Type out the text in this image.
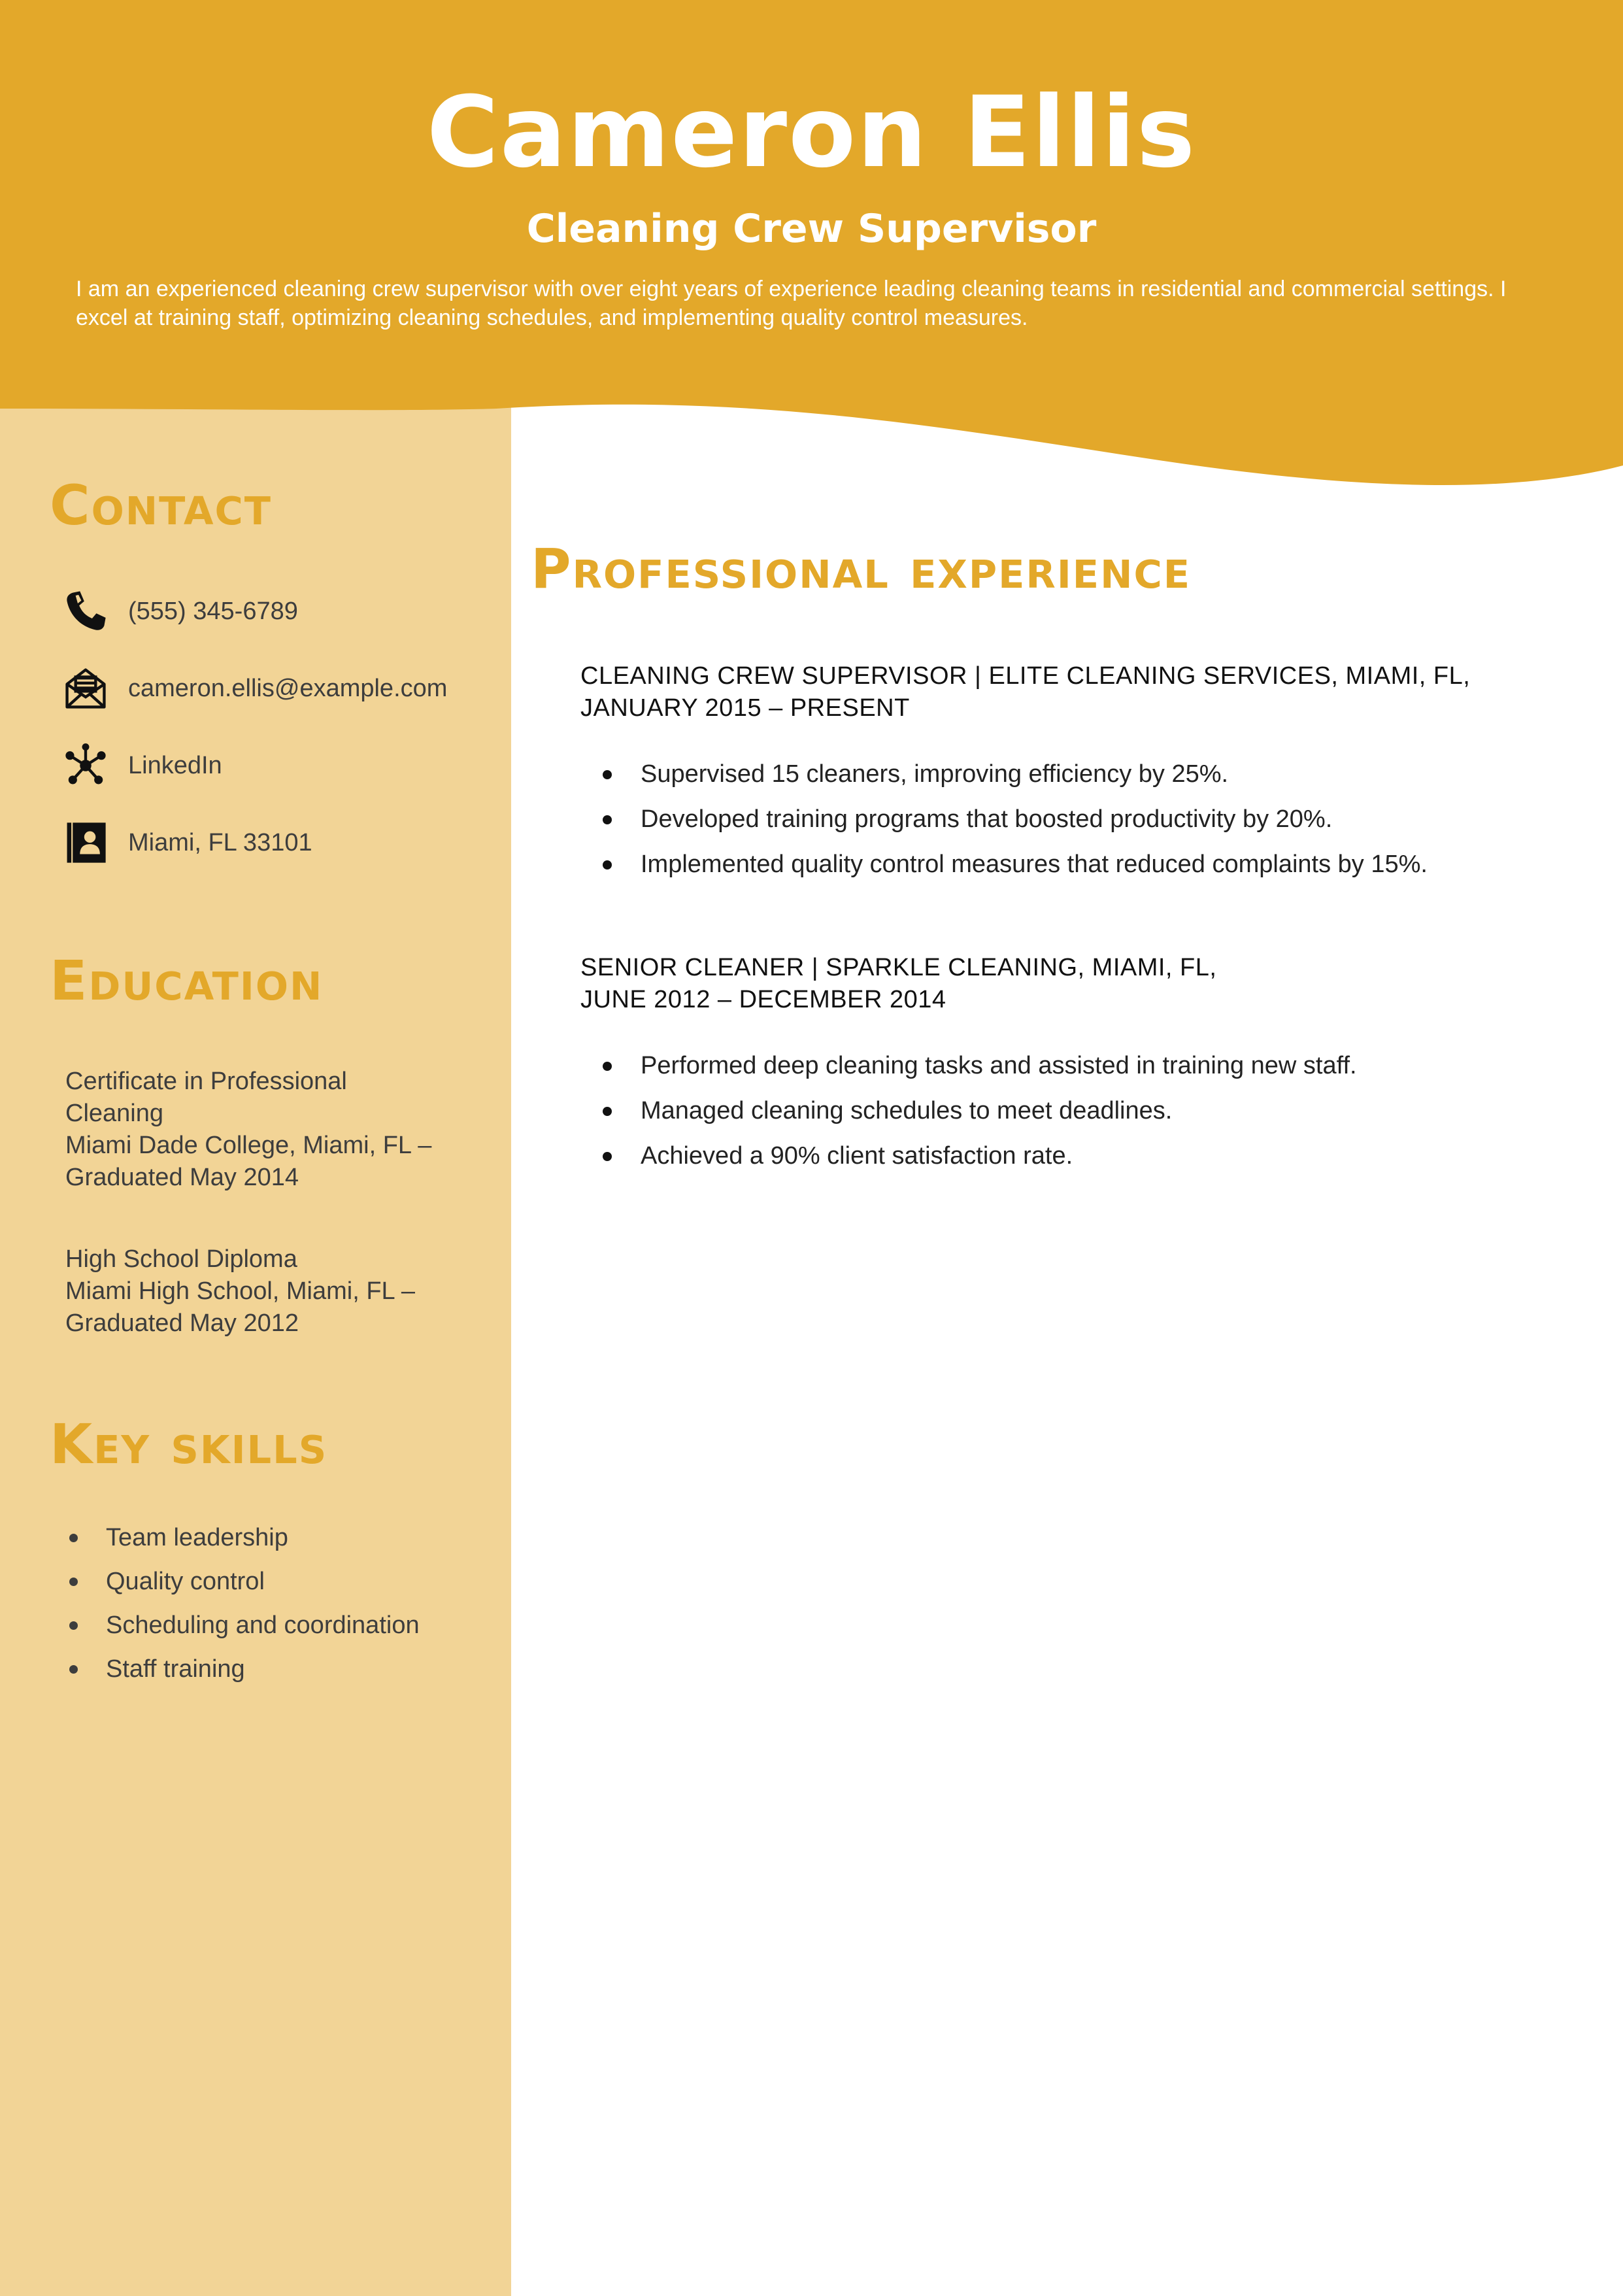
Cameron Ellis
Cleaning Crew Supervisor
I am an experienced cleaning crew supervisor with over eight years of experience leading cleaning teams in residential and commercial settings. I excel at training staff, optimizing cleaning schedules, and implementing quality control measures.
Contact
(555) 345-6789
cameron.ellis@example.com
LinkedIn
Miami, FL 33101
Education
Certificate in Professional
Cleaning
Miami Dade College, Miami, FL –
Graduated May 2014
High School Diploma
Miami High School, Miami, FL –
Graduated May 2012
Key skills
Team leadership
Quality control
Scheduling and coordination
Staff training
Professional experience
CLEANING CREW SUPERVISOR | ELITE CLEANING SERVICES, MIAMI, FL,
JANUARY 2015 – PRESENT
Supervised 15 cleaners, improving efficiency by 25%.
Developed training programs that boosted productivity by 20%.
Implemented quality control measures that reduced complaints by 15%.
SENIOR CLEANER | SPARKLE CLEANING, MIAMI, FL,
JUNE 2012 – DECEMBER 2014
Performed deep cleaning tasks and assisted in training new staff.
Managed cleaning schedules to meet deadlines.
Achieved a 90% client satisfaction rate.
